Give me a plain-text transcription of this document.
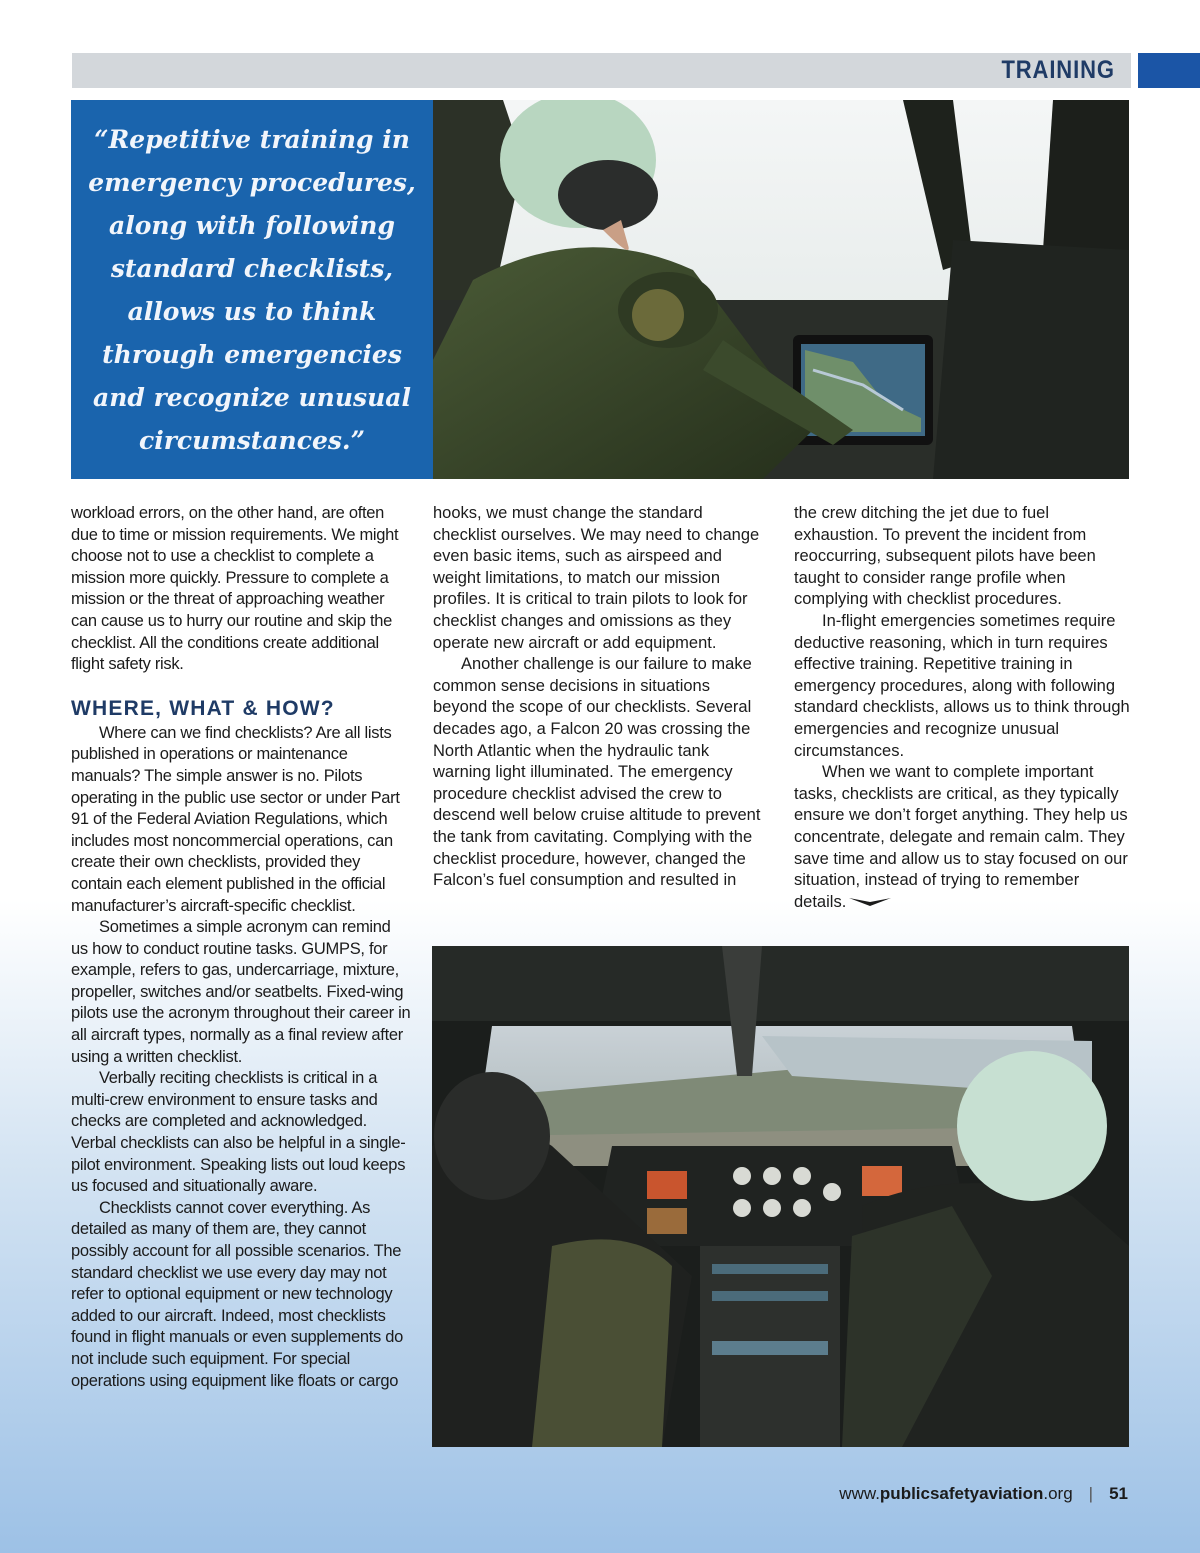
TRAINING

“Repetitive training in emergency procedures, along with following standard checklists, allows us to think through emergencies and recognize unusual circumstances.”

workload errors, on the other hand, are often due to time or mission requirements. We might choose not to use a checklist to complete a mission more quickly. Pressure to complete a mission or the threat of approaching weather can cause us to hurry our routine and skip the checklist. All the conditions create additional flight safety risk.

WHERE, WHAT & HOW?

Where can we find checklists? Are all lists published in operations or maintenance manuals? The simple answer is no. Pilots operating in the public use sector or under Part 91 of the Federal Aviation Regulations, which includes most noncommercial operations, can create their own checklists, provided they contain each element published in the official manufacturer’s aircraft-specific checklist.

Sometimes a simple acronym can remind us how to conduct routine tasks. GUMPS, for example, refers to gas, undercarriage, mixture, propeller, switches and/or seatbelts. Fixed-wing pilots use the acronym throughout their career in all aircraft types, normally as a final review after using a written checklist.

Verbally reciting checklists is critical in a multi-crew environment to ensure tasks and checks are completed and acknowledged. Verbal checklists can also be helpful in a single-pilot environment. Speaking lists out loud keeps us focused and situationally aware.

Checklists cannot cover everything. As detailed as many of them are, they cannot possibly account for all possible scenarios. The standard checklist we use every day may not refer to optional equipment or new technology added to our aircraft. Indeed, most checklists found in flight manuals or even supplements do not include such equipment. For special operations using equipment like floats or cargo

hooks, we must change the standard checklist ourselves. We may need to change even basic items, such as airspeed and weight limitations, to match our mission profiles. It is critical to train pilots to look for checklist changes and omissions as they operate new aircraft or add equipment.

Another challenge is our failure to make common sense decisions in situations beyond the scope of our checklists. Several decades ago, a Falcon 20 was crossing the North Atlantic when the hydraulic tank warning light illuminated. The emergency procedure checklist advised the crew to descend well below cruise altitude to prevent the tank from cavitating. Complying with the checklist procedure, however, changed the Falcon’s fuel consumption and resulted in

the crew ditching the jet due to fuel exhaustion. To prevent the incident from reoccurring, subsequent pilots have been taught to consider range profile when complying with checklist procedures.

In-flight emergencies sometimes require deductive reasoning, which in turn requires effective training. Repetitive training in emergency procedures, along with following standard checklists, allows us to think through emergencies and recognize unusual circumstances.

When we want to complete important tasks, checklists are critical, as they typically ensure we don’t forget anything. They help us concentrate, delegate and remain calm. They save time and allow us to stay focused on our situation, instead of trying to remember details.

www.publicsafetyaviation.org | 51
